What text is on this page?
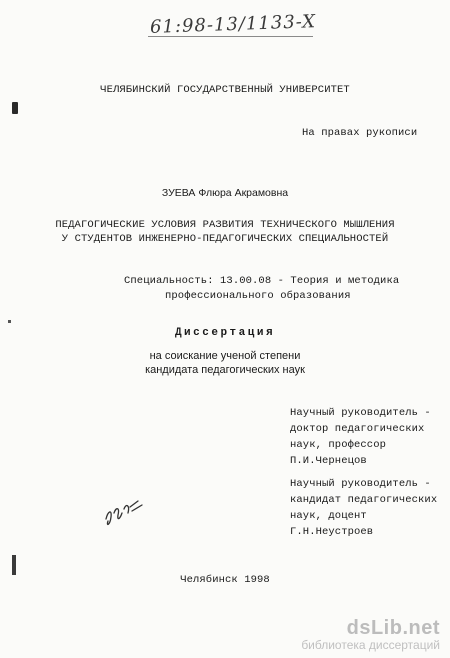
61:98-13/1133-X

ЧЕЛЯБИНСКИЙ ГОСУДАРСТВЕННЫЙ УНИВЕРСИТЕТ

На правах рукописи

ЗУЕВА Флюра Акрамовна

ПЕДАГОГИЧЕСКИЕ УСЛОВИЯ РАЗВИТИЯ ТЕХНИЧЕСКОГО МЫШЛЕНИЯ

У СТУДЕНТОВ ИНЖЕНЕРНО-ПЕДАГОГИЧЕСКИХ СПЕЦИАЛЬНОСТЕЙ

Специальность: 13.00.08 - Теория и методика

профессионального образования

Диссертация

на соискание ученой степени

кандидата педагогических наук

Научный руководитель -
доктор педагогических
наук, профессор
П.И.Чернецов
Научный руководитель -
кандидат педагогических
наук, доцент
Г.Н.Неустроев

Челябинск 1998

dsLib.net
библиотека диссертаций
